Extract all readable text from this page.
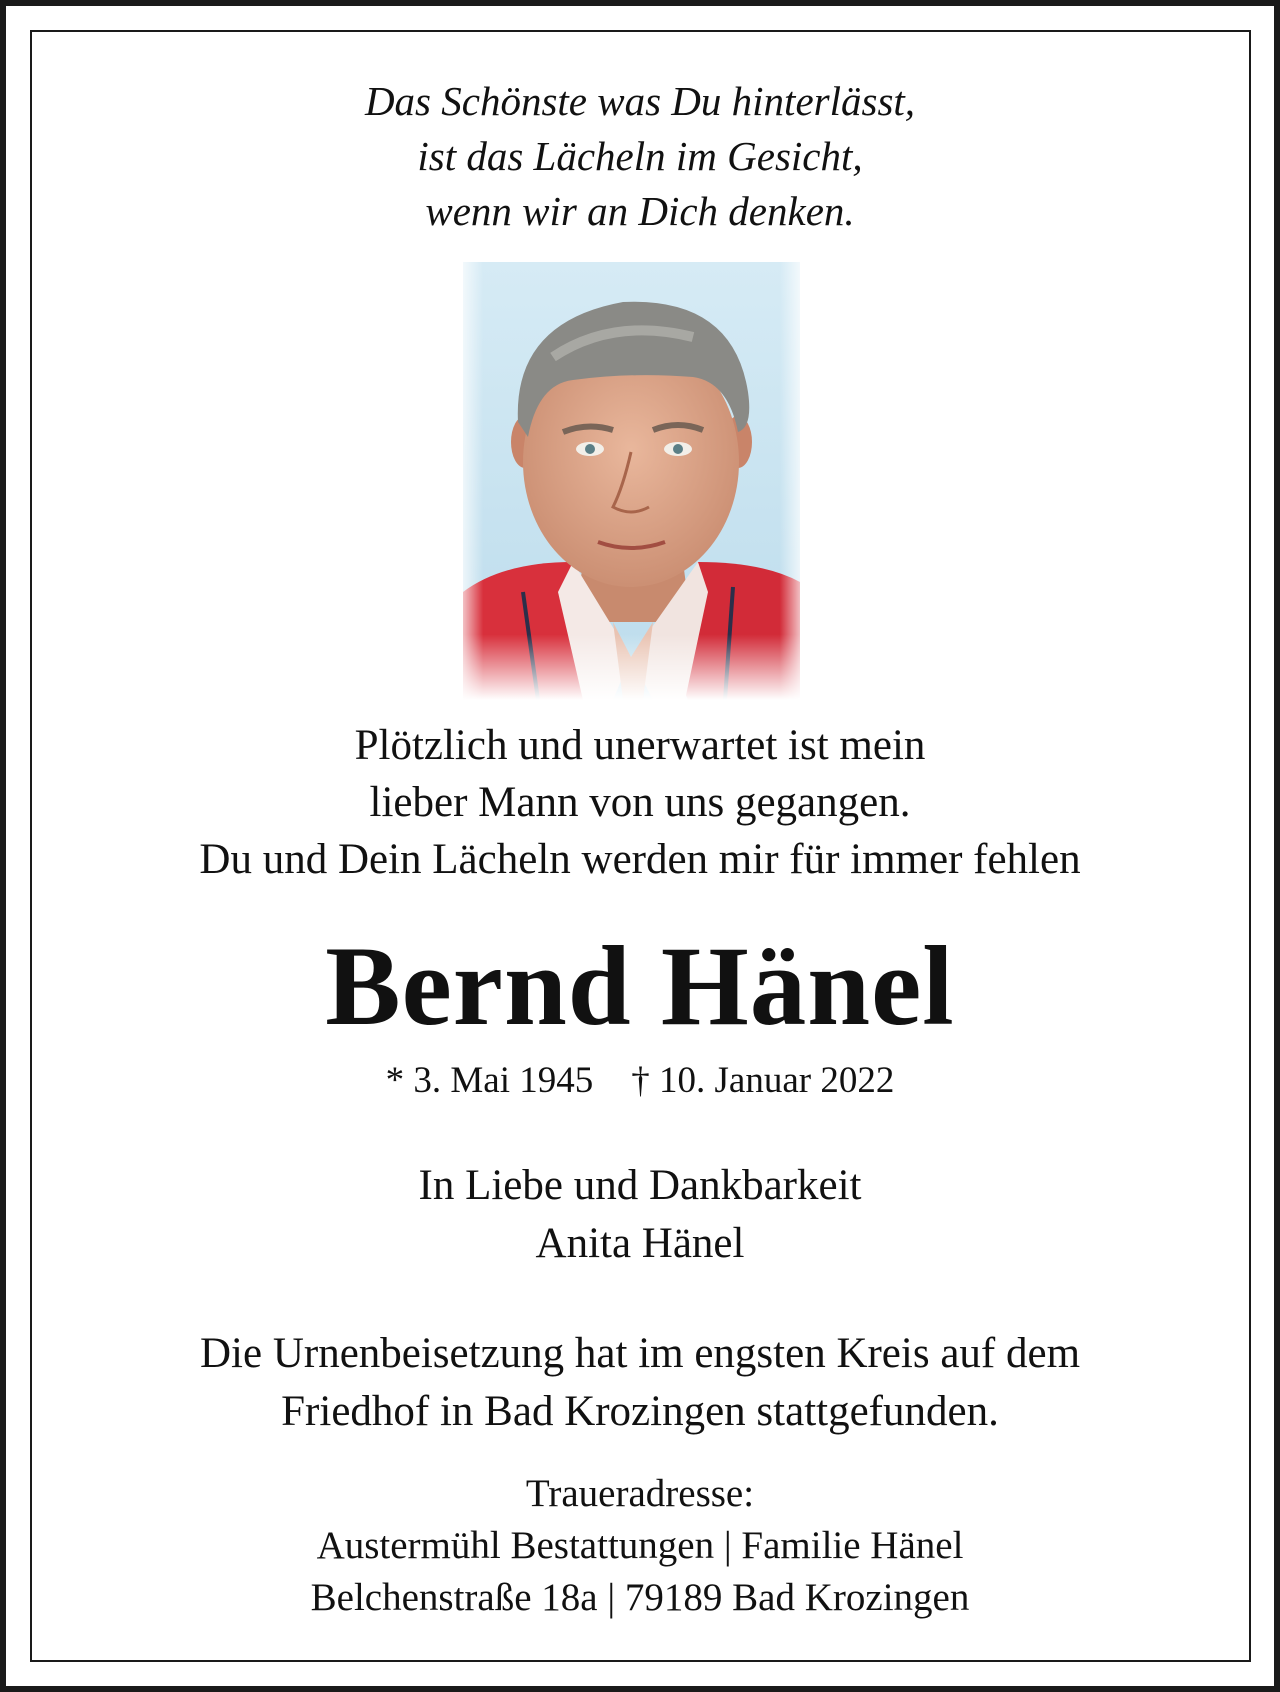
Das Schönste was Du hinterlässt,
ist das Lächeln im Gesicht,
wenn wir an Dich denken.
Plötzlich und unerwartet ist mein
lieber Mann von uns gegangen.
Du und Dein Lächeln werden mir für immer fehlen
Bernd Hänel
* 3. Mai 1945 † 10. Januar 2022
In Liebe und Dankbarkeit
Anita Hänel
Die Urnenbeisetzung hat im engsten Kreis auf dem
Friedhof in Bad Krozingen stattgefunden.
Traueradresse:
Austermühl Bestattungen | Familie Hänel
Belchenstraße 18a | 79189 Bad Krozingen
